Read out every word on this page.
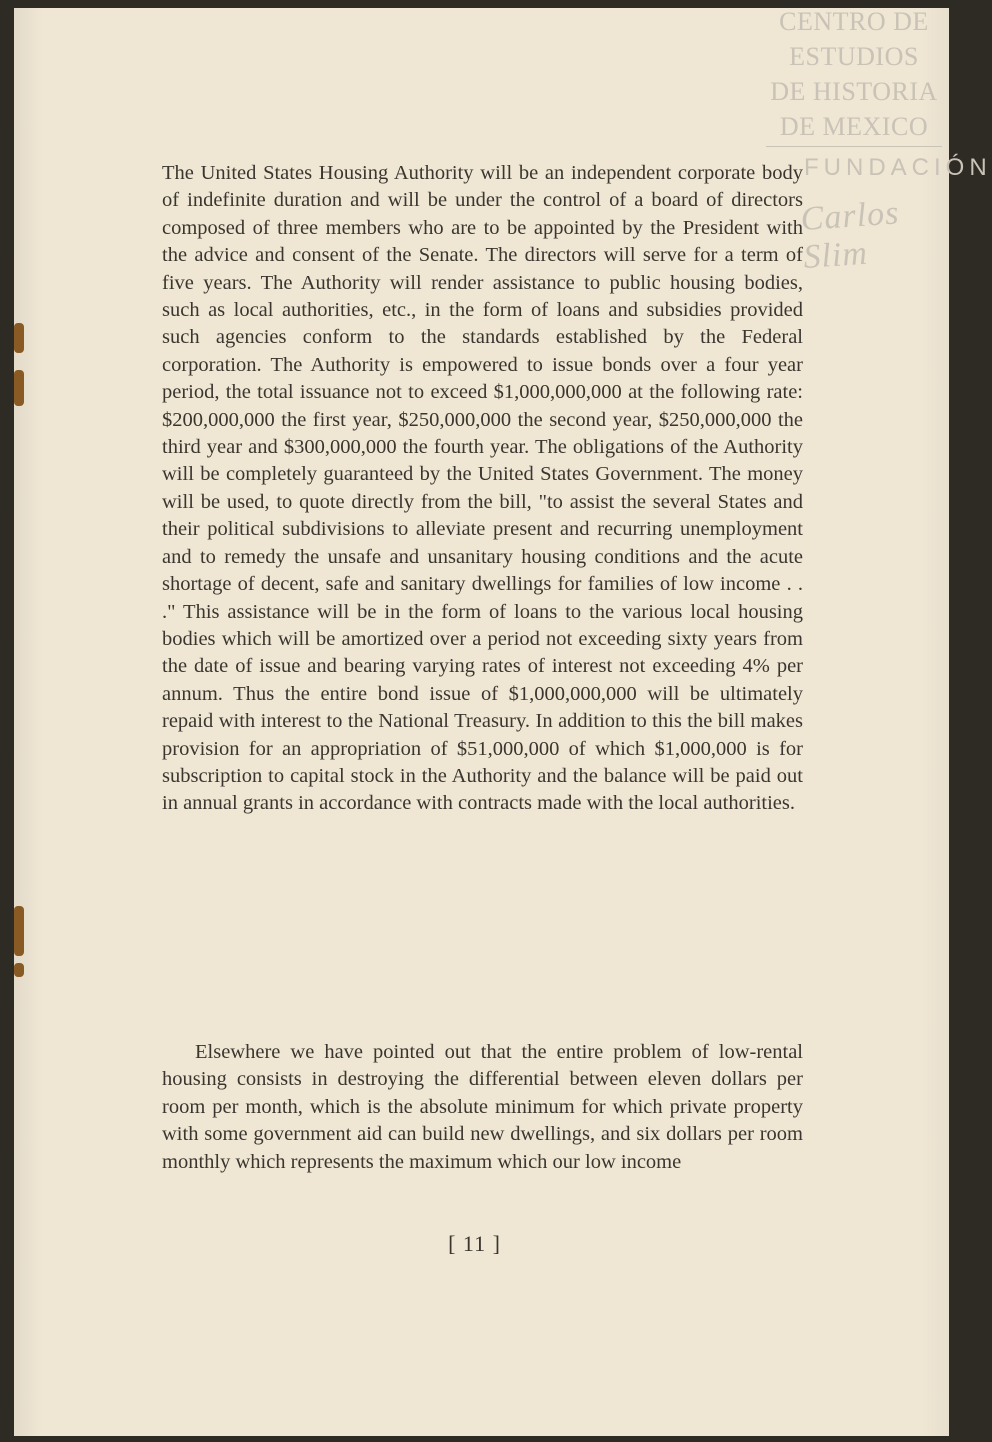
CENTRO DE
ESTUDIOS
DE HISTORIA
DE MEXICO
FUNDACIÓN
Carlos Slim
The United States Housing Authority will be an independent corporate body of indefinite duration and will be under the control of a board of directors composed of three members who are to be appointed by the President with the advice and consent of the Senate. The directors will serve for a term of five years. The Authority will render assistance to public housing bodies, such as local authorities, etc., in the form of loans and subsidies provided such agencies conform to the standards established by the Federal corporation. The Authority is empowered to issue bonds over a four year period, the total issuance not to exceed $1,000,000,000 at the following rate: $200,000,000 the first year, $250,000,000 the second year, $250,000,000 the third year and $300,000,000 the fourth year. The obligations of the Authority will be completely guaranteed by the United States Government. The money will be used, to quote directly from the bill, "to assist the several States and their political subdivisions to alleviate present and recurring unemployment and to remedy the unsafe and unsanitary housing conditions and the acute shortage of decent, safe and sanitary dwellings for families of low income . . ." This assistance will be in the form of loans to the various local housing bodies which will be amortized over a period not exceeding sixty years from the date of issue and bearing varying rates of interest not exceeding 4% per annum. Thus the entire bond issue of $1,000,000,000 will be ultimately repaid with interest to the National Treasury. In addition to this the bill makes provision for an appropriation of $51,000,000 of which $1,000,000 is for subscription to capital stock in the Authority and the balance will be paid out in annual grants in accordance with contracts made with the local authorities.
Elsewhere we have pointed out that the entire problem of low-rental housing consists in destroying the differential between eleven dollars per room per month, which is the absolute minimum for which private property with some government aid can build new dwellings, and six dollars per room monthly which represents the maximum which our low income
[ 11 ]
